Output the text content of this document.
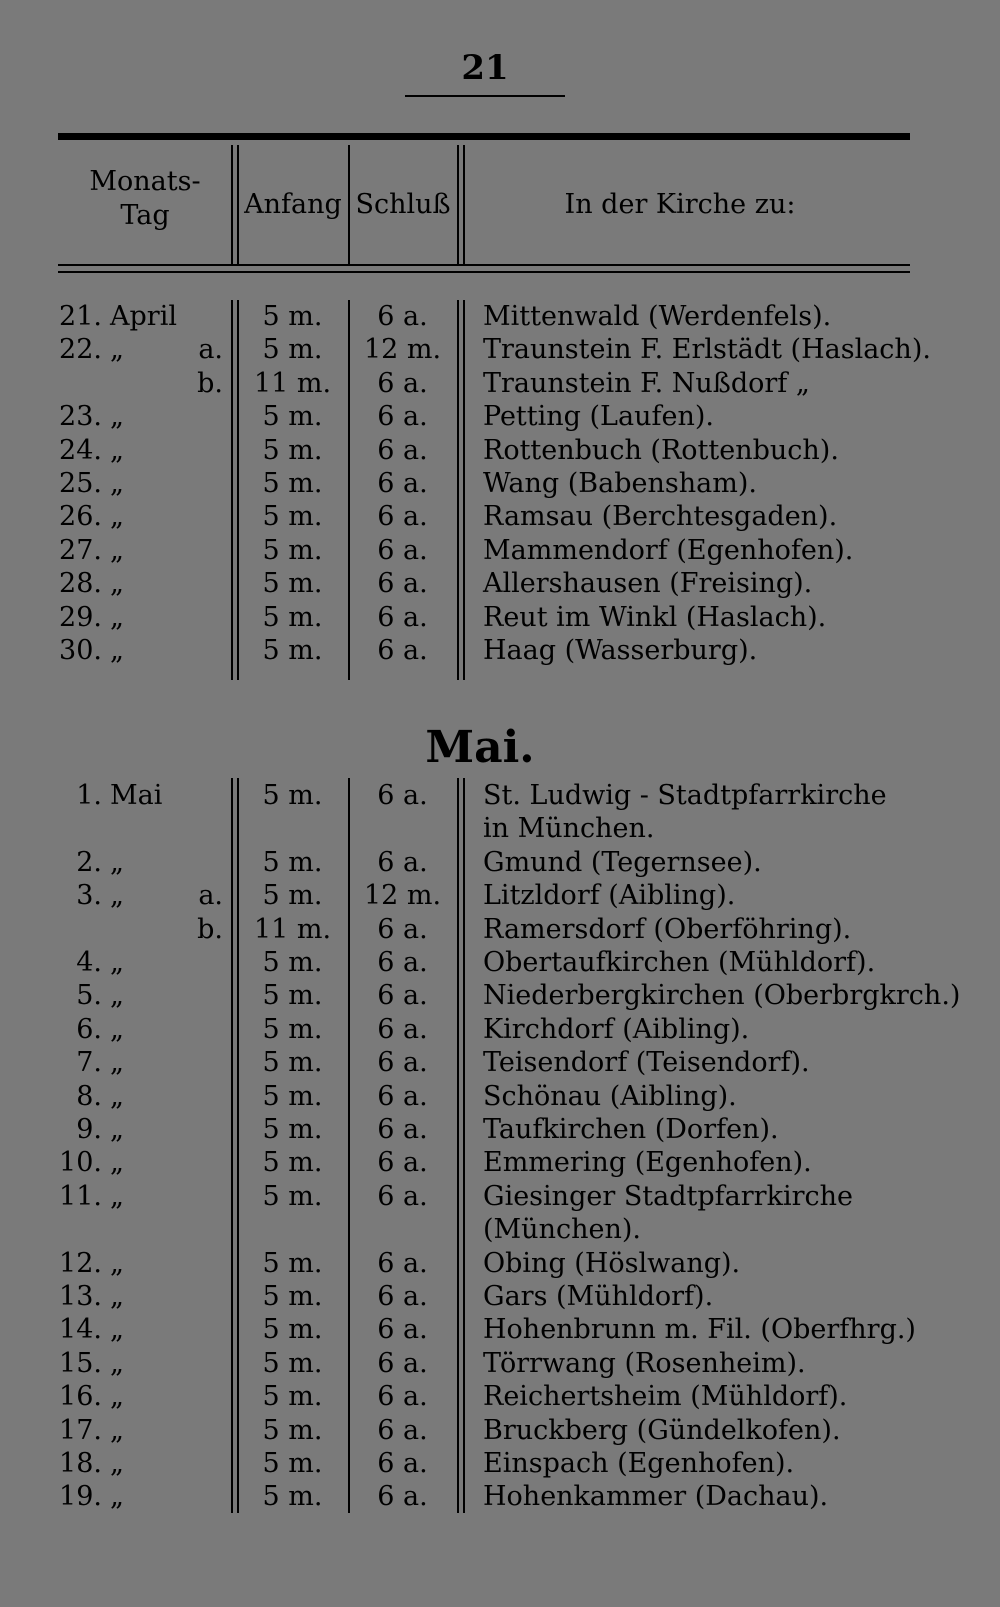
21
Monats-
Tag	Anfang Schluß	In der Kirche zu:
21. April	5 m.	6 a.	Mittenwald (Werdenfels).
22. „	a.	5 m.	12 m.	Traunstein F. Erlstädt (Haslach).
b.	11 m.	6 a.	Traunstein F. Nußdorf „
23. „	5 m.	6 a.	Petting (Laufen).
24. „	5 m.	6 a.	Rottenbuch (Rottenbuch).
25. „	5 m.	6 a.	Wang (Babensham).
26. „	5 m.	6 a.	Ramsau (Berchtesgaden).
27. „	5 m.	6 a.	Mammendorf (Egenhofen).
28. „	5 m.	6 a.	Allershausen (Freising).
29. „	5 m.	6 a.	Reut im Winkl (Haslach).
30. „	5 m.	6 a.	Haag (Wasserburg).
Mai.
1. Mai	5 m.	6 a.	St. Ludwig - Stadtpfarrkirche
in München.
2. „	5 m.	6 a.	Gmund (Tegernsee).
3. „	a.	5 m.	12 m.	Litzldorf (Aibling).
b.	11 m.	6 a.	Ramersdorf (Oberföhring).
4. „	5 m.	6 a.	Obertaufkirchen (Mühldorf).
5. „	5 m.	6 a.	Niederbergkirchen (Oberbrgkrch.)
6. „	5 m.	6 a.	Kirchdorf (Aibling).
7. „	5 m.	6 a.	Teisendorf (Teisendorf).
8. „	5 m.	6 a.	Schönau (Aibling).
9. „	5 m.	6 a.	Taufkirchen (Dorfen).
10. „	5 m.	6 a.	Emmering (Egenhofen).
11. „	5 m.	6 a.	Giesinger Stadtpfarrkirche
(München).
12. „	5 m.	6 a.	Obing (Höslwang).
13. „	5 m.	6 a.	Gars (Mühldorf).
14. „	5 m.	6 a.	Hohenbrunn m. Fil. (Oberfhrg.)
15. „	5 m.	6 a.	Törrwang (Rosenheim).
16. „	5 m.	6 a.	Reichertsheim (Mühldorf).
17. „	5 m.	6 a.	Bruckberg (Gündelkofen).
18. „	5 m.	6 a.	Einspach (Egenhofen).
19. „	5 m.	6 a.	Hohenkammer (Dachau).
